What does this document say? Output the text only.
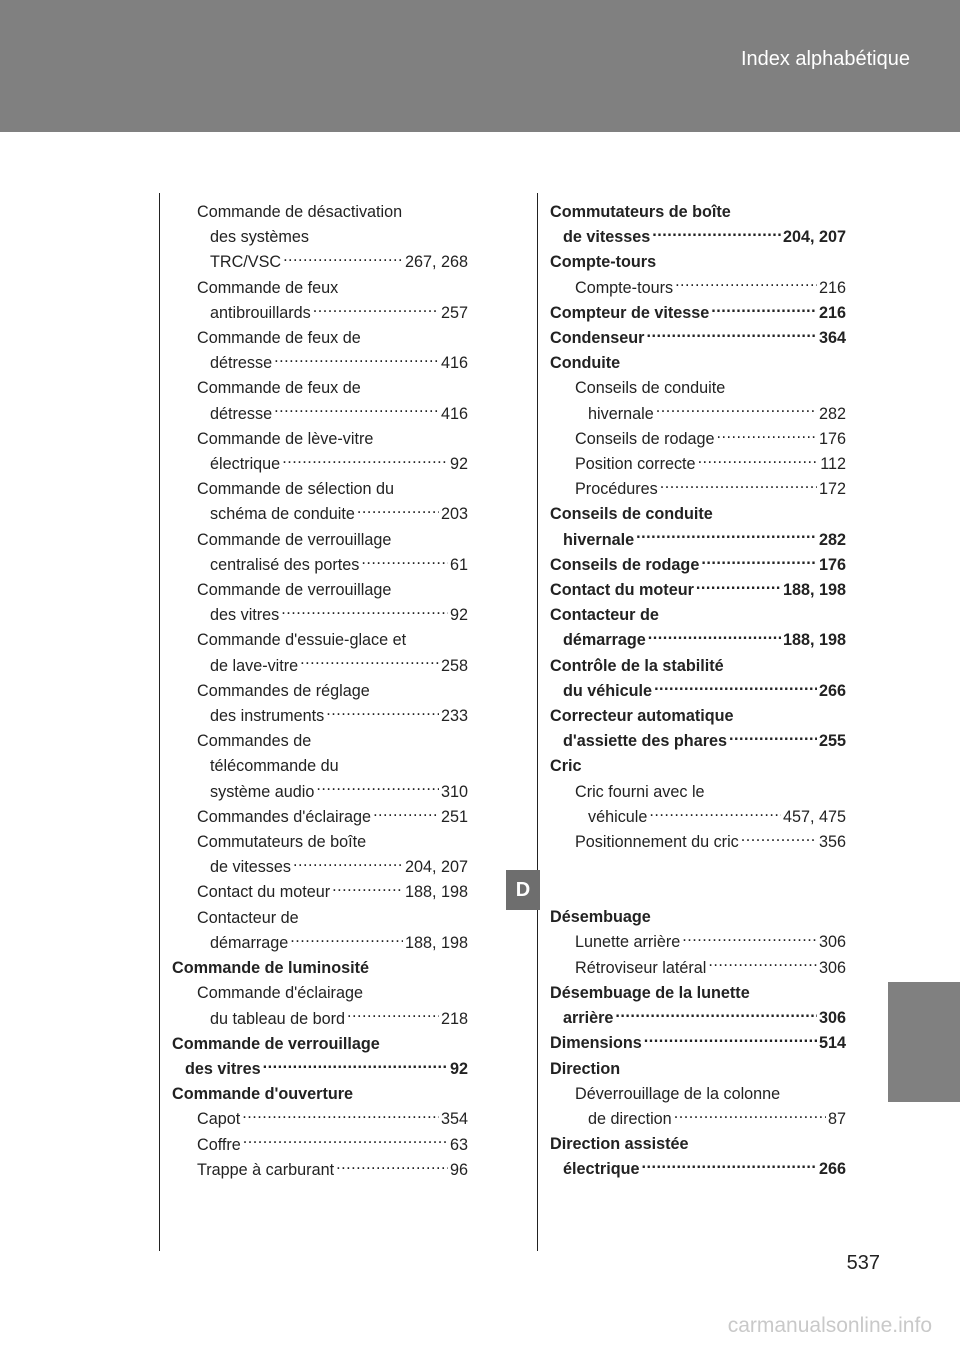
Index alphabétique
Commande de désactivation
des systèmes
TRC/VSC .....	267, 268
Commande de feux
antibrouillards .....	257
Commande de feux de
détresse .....	416
Commande de feux de
détresse .....	416
Commande de lève-vitre
électrique .....	92
Commande de sélection du
schéma de conduite .....	203
Commande de verrouillage
centralisé des portes .....	61
Commande de verrouillage
des vitres .....	92
Commande d'essuie-glace et
de lave-vitre .....	258
Commandes de réglage
des instruments .....	233
Commandes de
télécommande du
système audio .....	310
Commandes d'éclairage .....	251
Commutateurs de boîte
de vitesses .....	204, 207
Contact du moteur .....	188, 198
Contacteur de
démarrage .....	188, 198
Commande de luminosité
Commande d'éclairage
du tableau de bord .....	218
Commande de verrouillage
des vitres .....	92
Commande d'ouverture
Capot .....	354
Coffre .....	63
Trappe à carburant .....	96
Commutateurs de boîte
de vitesses .....	204, 207
Compte-tours
Compte-tours .....	216
Compteur de vitesse .....	216
Condenseur .....	364
Conduite
Conseils de conduite
hivernale .....	282
Conseils de rodage .....	176
Position correcte .....	112
Procédures .....	172
Conseils de conduite
hivernale .....	282
Conseils de rodage .....	176
Contact du moteur .....	188, 198
Contacteur de
démarrage .....	188, 198
Contrôle de la stabilité
du véhicule .....	266
Correcteur automatique
d'assiette des phares .....	255
Cric
Cric fourni avec le
véhicule .....	457, 475
Positionnement du cric .....	356
Désembuage
Lunette arrière .....	306
Rétroviseur latéral .....	306
Désembuage de la lunette
arrière .....	306
Dimensions .....	514
Direction
Déverrouillage de la colonne
de direction .....	87
Direction assistée
électrique .....	266
D
537
carmanualsonline.info
